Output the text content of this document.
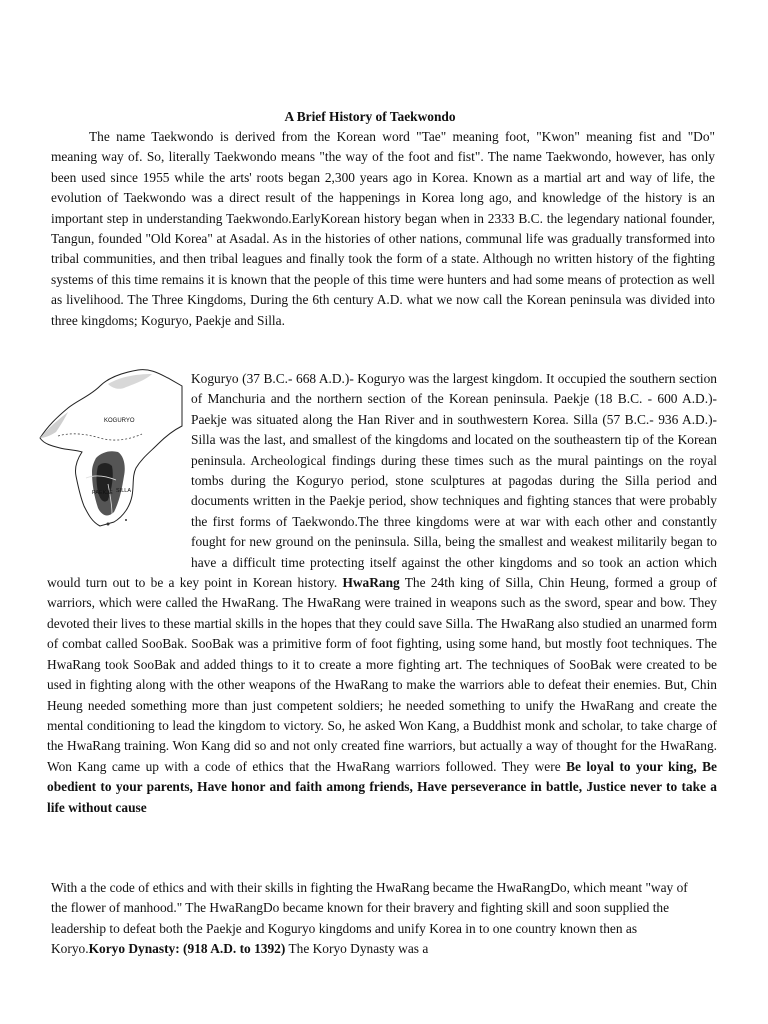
A Brief History of Taekwondo

The name Taekwondo is derived from the Korean word "Tae" meaning foot, "Kwon" meaning fist and "Do" meaning way of. So, literally Taekwondo means "the way of the foot and fist". The name Taekwondo, however, has only been used since 1955 while the arts' roots began 2,300 years ago in Korea. Known as a martial art and way of life, the evolution of Taekwondo was a direct result of the happenings in Korea long ago, and knowledge of the history is an important step in understanding Taekwondo.EarlyKorean history began when in 2333 B.C. the legendary national founder, Tangun, founded "Old Korea" at Asadal. As in the histories of other nations, communal life was gradually transformed into tribal communities, and then tribal leagues and finally took the form of a state. Although no written history of the fighting systems of this time remains it is known that the people of this time were hunters and had some means of protection as well as livelihood. The Three Kingdoms, During the 6th century A.D. what we now call the Korean peninsula was divided into three kingdoms; Koguryo, Paekje and Silla.

KOGURYO
PAEKJE SILLA

Koguryo (37 B.C.- 668 A.D.)- Koguryo was the largest kingdom. It occupied the southern section of Manchuria and the northern section of the Korean peninsula. Paekje (18 B.C. - 600 A.D.)- Paekje was situated along the Han River and in southwestern Korea. Silla (57 B.C.- 936 A.D.)- Silla was the last, and smallest of the kingdoms and located on the southeastern tip of the Korean peninsula. Archeological findings during these times such as the mural paintings on the royal tombs during the Koguryo period, stone sculptures at pagodas during the Silla period and documents written in the Paekje period, show techniques and fighting stances that were probably the first forms of Taekwondo.The three kingdoms were at war with each other and constantly fought for new ground on the peninsula. Silla, being the smallest and weakest militarily began to have a difficult time protecting itself against the other kingdoms and so took an action which would turn out to be a key point in Korean history. HwaRang The 24th king of Silla, Chin Heung, formed a group of warriors, which were called the HwaRang. The HwaRang were trained in weapons such as the sword, spear and bow. They devoted their lives to these martial skills in the hopes that they could save Silla. The HwaRang also studied an unarmed form of combat called SooBak. SooBak was a primitive form of foot fighting, using some hand, but mostly foot techniques. The HwaRang took SooBak and added things to it to create a more fighting art. The techniques of SooBak were created to be used in fighting along with the other weapons of the HwaRang to make the warriors able to defeat their enemies. But, Chin Heung needed something more than just competent soldiers; he needed something to unify the HwaRang and create the mental conditioning to lead the kingdom to victory. So, he asked Won Kang, a Buddhist monk and scholar, to take charge of the HwaRang training. Won Kang did so and not only created fine warriors, but actually a way of thought for the HwaRang. Won Kang came up with a code of ethics that the HwaRang warriors followed. They were Be loyal to your king, Be obedient to your parents, Have honor and faith among friends, Have perseverance in battle, Justice never to take a life without cause

With a the code of ethics and with their skills in fighting the HwaRang became the HwaRangDo, which meant "way of the flower of manhood." The HwaRangDo became known for their bravery and fighting skill and soon supplied the leadership to defeat both the Paekje and Koguryo kingdoms and unify Korea in to one country known then as Koryo.Koryo Dynasty: (918 A.D. to 1392) The Koryo Dynasty was a
